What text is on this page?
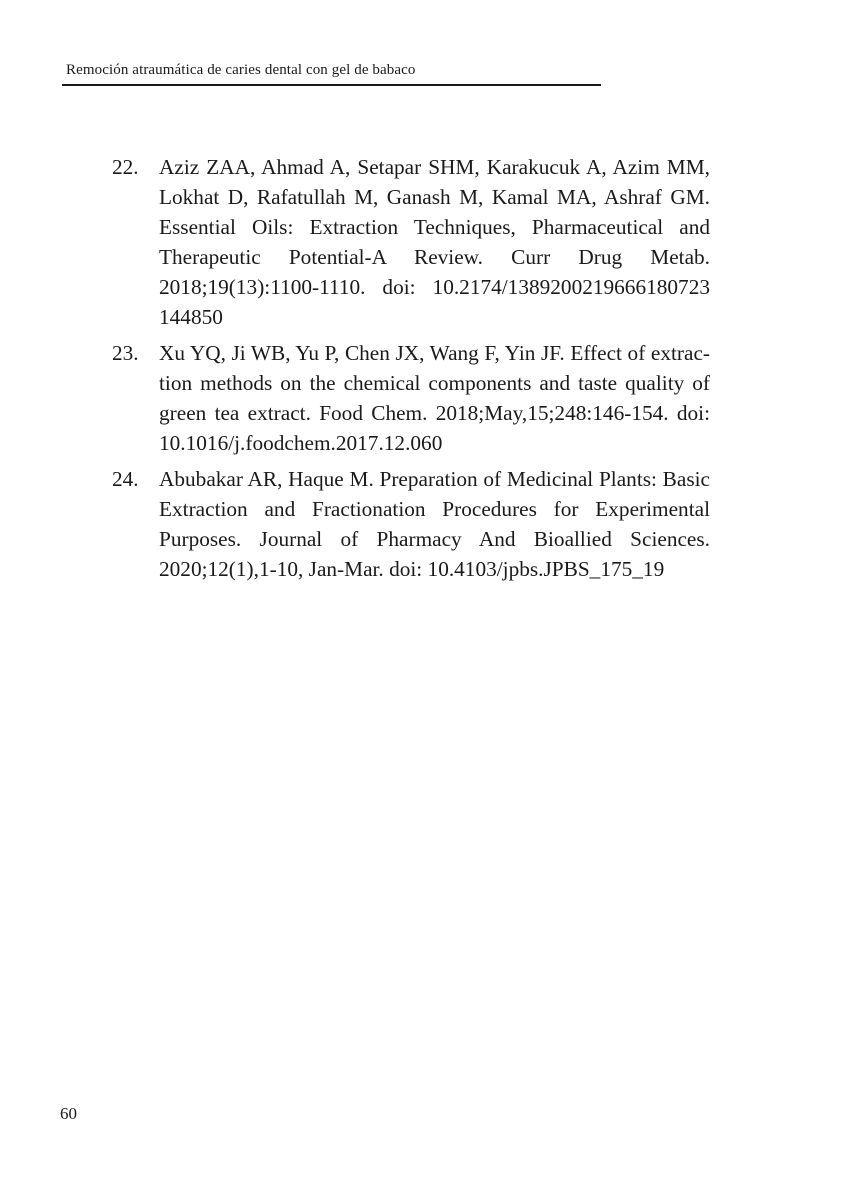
Remoción atraumática de caries dental con gel de babaco
22. Aziz ZAA, Ahmad A, Setapar SHM, Karakucuk A, Azim MM, Lokhat D, Rafatullah M, Ganash M, Kamal MA, Ashraf GM. Essential Oils: Extraction Techniques, Pharmaceutical and Therapeutic Potential-A Review. Curr Drug Metab. 2018;19(13):1100-1110. doi: 10.2174/1389200219666180723 144850
23. Xu YQ, Ji WB, Yu P, Chen JX, Wang F, Yin JF. Effect of extraction methods on the chemical components and taste quality of green tea extract. Food Chem. 2018;May,15;248:146-154. doi: 10.1016/j.foodchem.2017.12.060
24. Abubakar AR, Haque M. Preparation of Medicinal Plants: Basic Extraction and Fractionation Procedures for Experimental Purposes. Journal of Pharmacy And Bioallied Sciences. 2020;12(1),1-10, Jan-Mar. doi: 10.4103/jpbs.JPBS_175_19
60
